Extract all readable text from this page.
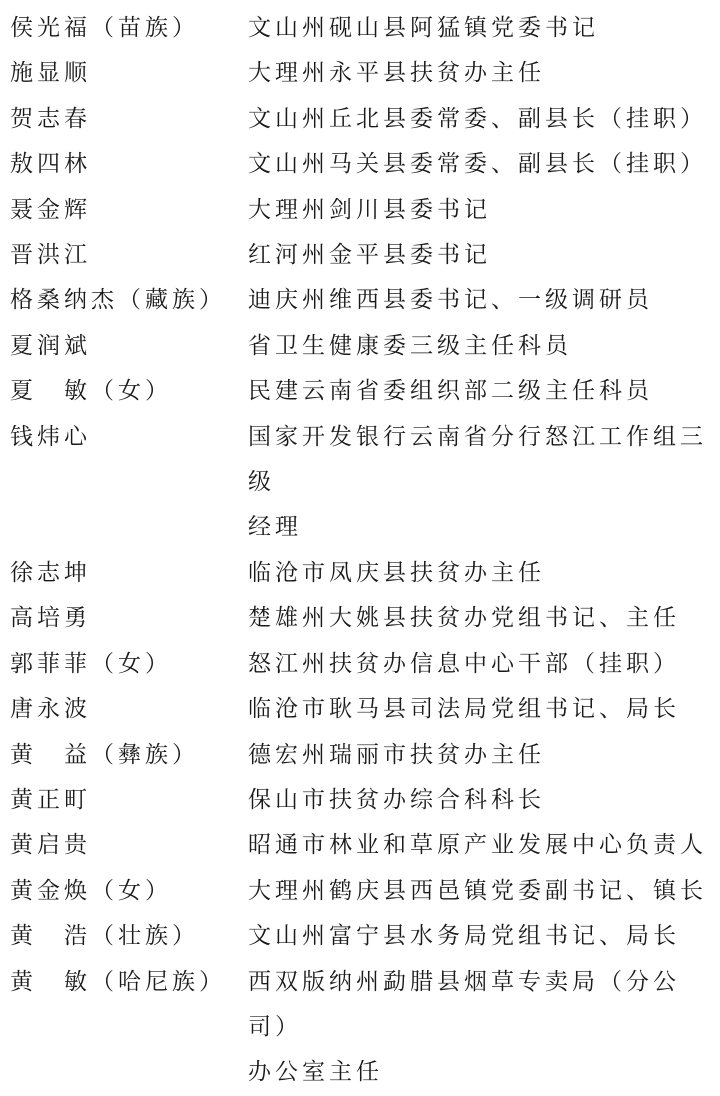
侯光福（苗族）	文山州砚山县阿猛镇党委书记
施显顺	大理州永平县扶贫办主任
贺志春	文山州丘北县委常委、副县长（挂职）
敖四林	文山州马关县委常委、副县长（挂职）
聂金辉	大理州剑川县委书记
晋洪江	红河州金平县委书记
格桑纳杰（藏族） 迪庆州维西县委书记、一级调研员
夏润斌	省卫生健康委三级主任科员
夏　敏（女）	民建云南省委组织部二级主任科员
钱炜心	国家开发银行云南省分行怒江工作组三级
经理
徐志坤	临沧市凤庆县扶贫办主任
高培勇	楚雄州大姚县扶贫办党组书记、主任
郭菲菲（女）	怒江州扶贫办信息中心干部（挂职）
唐永波	临沧市耿马县司法局党组书记、局长
黄　益（彝族）	德宏州瑞丽市扶贫办主任
黄正町	保山市扶贫办综合科科长
黄启贵	昭通市林业和草原产业发展中心负责人
黄金焕（女）	大理州鹤庆县西邑镇党委副书记、镇长
黄　浩（壮族）	文山州富宁县水务局党组书记、局长
黄　敏（哈尼族） 西双版纳州勐腊县烟草专卖局（分公司）
办公室主任
